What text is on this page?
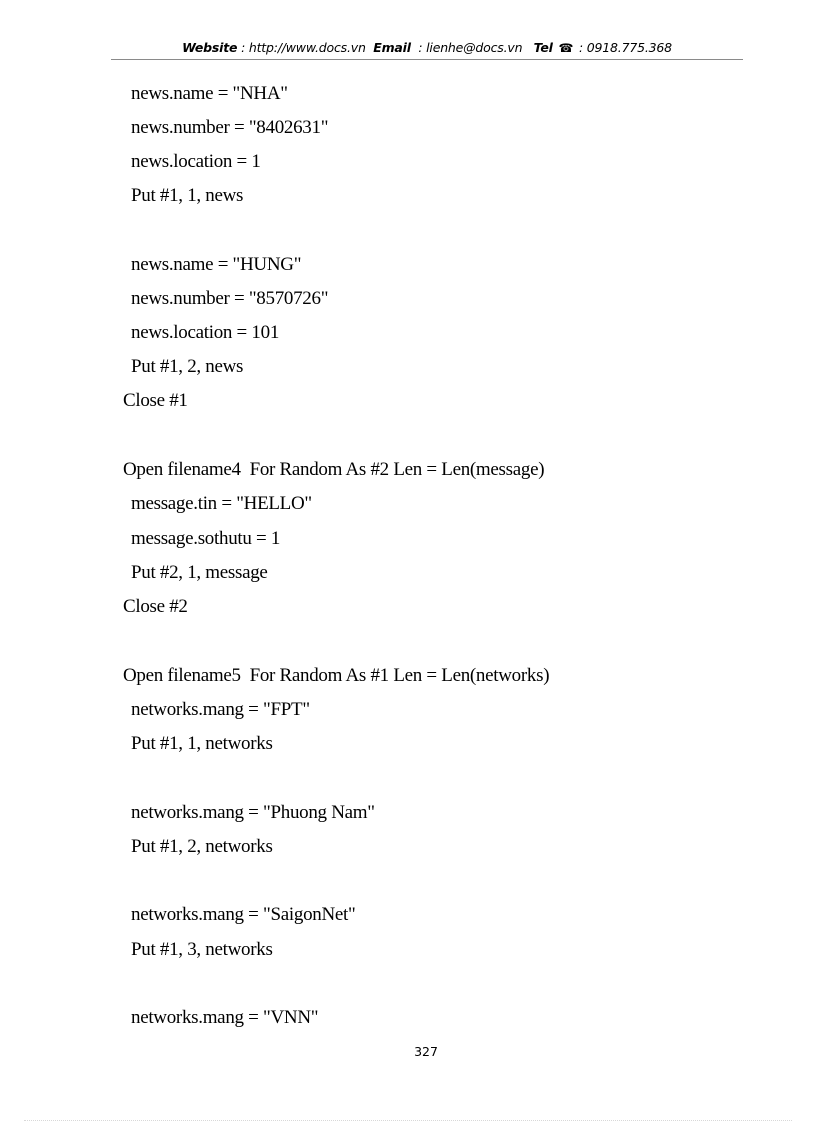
Website : http://www.docs.vn Email  : lienhe@docs.vn Tel ☎ : 0918.775.368
news.name = "NHA"
news.number = "8402631"
news.location = 1
Put #1, 1, news
news.name = "HUNG"
news.number = "8570726"
news.location = 101
Put #1, 2, news
Close #1
Open filename4  For Random As #2 Len = Len(message)
message.tin = "HELLO"
message.sothutu = 1
Put #2, 1, message
Close #2
Open filename5  For Random As #1 Len = Len(networks)
networks.mang = "FPT"
Put #1, 1, networks
networks.mang = "Phuong Nam"
Put #1, 2, networks
networks.mang = "SaigonNet"
Put #1, 3, networks
networks.mang = "VNN"
327
